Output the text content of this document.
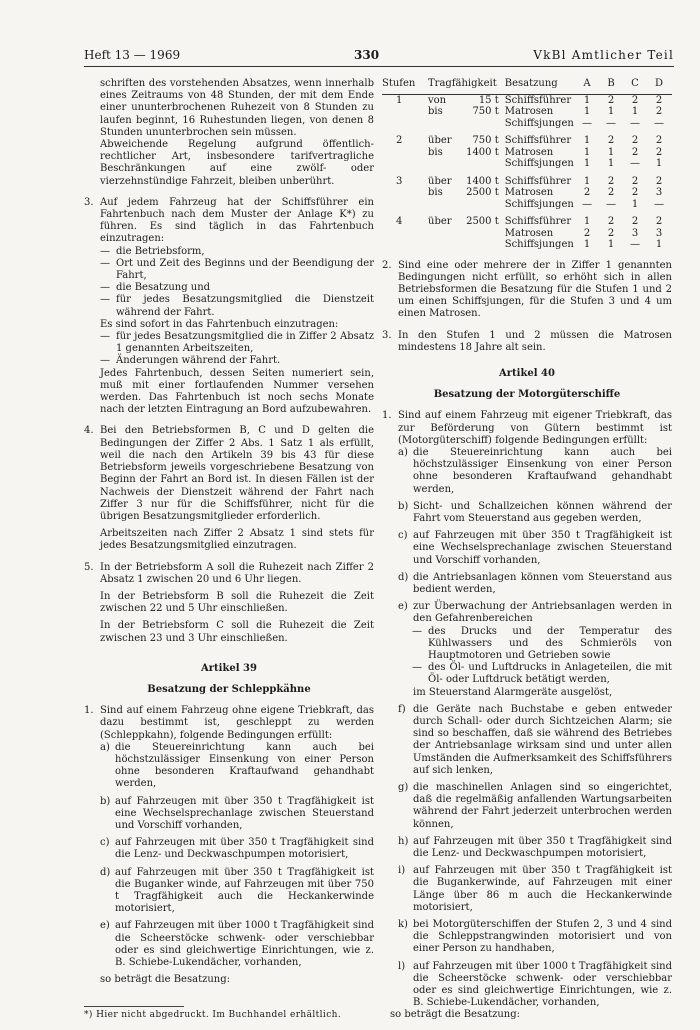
Heft 13 — 1969	330	VkBl Amtlicher Teil

schriften des vorstehenden Absatzes, wenn innerhalb eines Zeitraums von 48 Stunden, der mit dem Ende einer ununterbrochenen Ruhezeit von 8 Stunden zu laufen beginnt, 16 Ruhestunden liegen, von denen 8 Stunden ununterbrochen sein müssen.

Abweichende Regelung aufgrund öffentlich-rechtlicher Art, insbesondere tarifvertragliche Beschränkungen auf eine zwölf- oder vierzehnstündige Fahrzeit, bleiben unberührt.

3. Auf jedem Fahrzeug hat der Schiffsführer ein Fahrtenbuch nach dem Muster der Anlage K*) zu führen. Es sind täglich in das Fahrtenbuch einzutragen:
— die Betriebsform,
— Ort und Zeit des Beginns und der Beendigung der Fahrt,
— die Besatzung und
— für jedes Besatzungsmitglied die Dienstzeit während der Fahrt.

Es sind sofort in das Fahrtenbuch einzutragen:

— für jedes Besatzungsmitglied die in Ziffer 2 Absatz 1 genannten Arbeitszeiten,
— Änderungen während der Fahrt.

Jedes Fahrtenbuch, dessen Seiten numeriert sein, muß mit einer fortlaufenden Nummer versehen werden. Das Fahrtenbuch ist noch sechs Monate nach der letzten Eintragung an Bord aufzubewahren.

4. Bei den Betriebsformen B, C und D gelten die Bedingungen der Ziffer 2 Abs. 1 Satz 1 als erfüllt, weil die nach den Artikeln 39 bis 43 für diese Betriebsform jeweils vorgeschriebene Besatzung von Beginn der Fahrt an Bord ist. In diesen Fällen ist der Nachweis der Dienstzeit während der Fahrt nach Ziffer 3 nur für die Schiffsführer, nicht für die übrigen Besatzungsmitglieder erforderlich.

Arbeitszeiten nach Ziffer 2 Absatz 1 sind stets für jedes Besatzungsmitglied einzutragen.

5. In der Betriebsform A soll die Ruhezeit nach Ziffer 2 Absatz 1 zwischen 20 und 6 Uhr liegen.

In der Betriebsform B soll die Ruhezeit die Zeit zwischen 22 und 5 Uhr einschließen.

In der Betriebsform C soll die Ruhezeit die Zeit zwischen 23 und 3 Uhr einschließen.

Artikel 39
Besatzung der Schleppkähne
1. Sind auf einem Fahrzeug ohne eigene Triebkraft, das dazu bestimmt ist, geschleppt zu werden (Schleppkahn), folgende Bedingungen erfüllt:
a) die Steuereinrichtung kann auch bei höchstzulässiger Einsenkung von einer Person ohne besonderen Kraftaufwand gehandhabt werden,
b) auf Fahrzeugen mit über 350 t Tragfähigkeit ist eine Wechselsprechanlage zwischen Steuerstand und Vorschiff vorhanden,
c) auf Fahrzeugen mit über 350 t Tragfähigkeit sind die Lenz- und Deckwaschpumpen motorisiert,
d) auf Fahrzeugen mit über 350 t Tragfähigkeit ist die Buganker winde, auf Fahrzeugen mit über 750 t Tragfähigkeit auch die Heckankerwinde motorisiert,
e) auf Fahrzeugen mit über 1000 t Tragfähigkeit sind die Scheerstöcke schwenk- oder verschiebbar oder es sind gleichwertige Einrichtungen, wie z. B. Schiebe-Lukendächer, vorhanden,

so beträgt die Besatzung:

*) Hier nicht abgedruckt. Im Buchhandel erhältlich.
Stufen	Tragfähigkeit		Besatzung	A	B	C	D
1	von	15 t	Schiffsführer	1	2	2	2
	bis	750 t	Matrosen	1	1	1	2
			Schiffsjungen	—	—	—	—
2	über	750 t	Schiffsführer	1	2	2	2
	bis	1400 t	Matrosen	1	1	2	2
			Schiffsjungen	1	1	—	1
3	über	1400 t	Schiffsführer	1	2	2	2
	bis	2500 t	Matrosen	2	2	2	3
			Schiffsjungen	—	—	1	—
4	über	2500 t	Schiffsführer	1	2	2	2
			Matrosen	2	2	3	3
			Schiffsjungen	1	1	—	1
2. Sind eine oder mehrere der in Ziffer 1 genannten Bedingungen nicht erfüllt, so erhöht sich in allen Betriebsformen die Besatzung für die Stufen 1 und 2 um einen Schiffsjungen, für die Stufen 3 und 4 um einen Matrosen.
3. In den Stufen 1 und 2 müssen die Matrosen mindestens 18 Jahre alt sein.
Artikel 40
Besatzung der Motorgüterschiffe
1. Sind auf einem Fahrzeug mit eigener Triebkraft, das zur Beförderung von Gütern bestimmt ist (Motorgüterschiff) folgende Bedingungen erfüllt:
a) die Steuereinrichtung kann auch bei höchstzulässiger Einsenkung von einer Person ohne besonderen Kraftaufwand gehandhabt werden,
b) Sicht- und Schallzeichen können während der Fahrt vom Steuerstand aus gegeben werden,
c) auf Fahrzeugen mit über 350 t Tragfähigkeit ist eine Wechselsprechanlage zwischen Steuerstand und Vorschiff vorhanden,
d) die Antriebsanlagen können vom Steuerstand aus bedient werden,
e) zur Überwachung der Antriebsanlagen werden in den Gefahrenbereichen
— des Drucks und der Temperatur des Kühlwassers und des Schmieröls von Hauptmotoren und Getrieben sowie
— des Öl- und Luftdrucks in Anlageteilen, die mit Öl- oder Luftdruck betätigt werden,
im Steuerstand Alarmgeräte ausgelöst,
f) die Geräte nach Buchstabe e geben entweder durch Schall- oder durch Sichtzeichen Alarm; sie sind so beschaffen, daß sie während des Betriebes der Antriebsanlage wirksam sind und unter allen Umständen die Aufmerksamkeit des Schiffsführers auf sich lenken,
g) die maschinellen Anlagen sind so eingerichtet, daß die regelmäßig anfallenden Wartungsarbeiten während der Fahrt jederzeit unterbrochen werden können,
h) auf Fahrzeugen mit über 350 t Tragfähigkeit sind die Lenz- und Deckwaschpumpen motorisiert,
i) auf Fahrzeugen mit über 350 t Tragfähigkeit ist die Bugankerwinde, auf Fahrzeugen mit einer Länge über 86 m auch die Heckankerwinde motorisiert,
k) bei Motorgüterschiffen der Stufen 2, 3 und 4 sind die Schleppstrangwinden motorisiert und von einer Person zu handhaben,
l) auf Fahrzeugen mit über 1000 t Tragfähigkeit sind die Scheerstöcke schwenk- oder verschiebbar oder es sind gleichwertige Einrichtungen, wie z. B. Schiebe-Lukendächer, vorhanden,

so beträgt die Besatzung:
